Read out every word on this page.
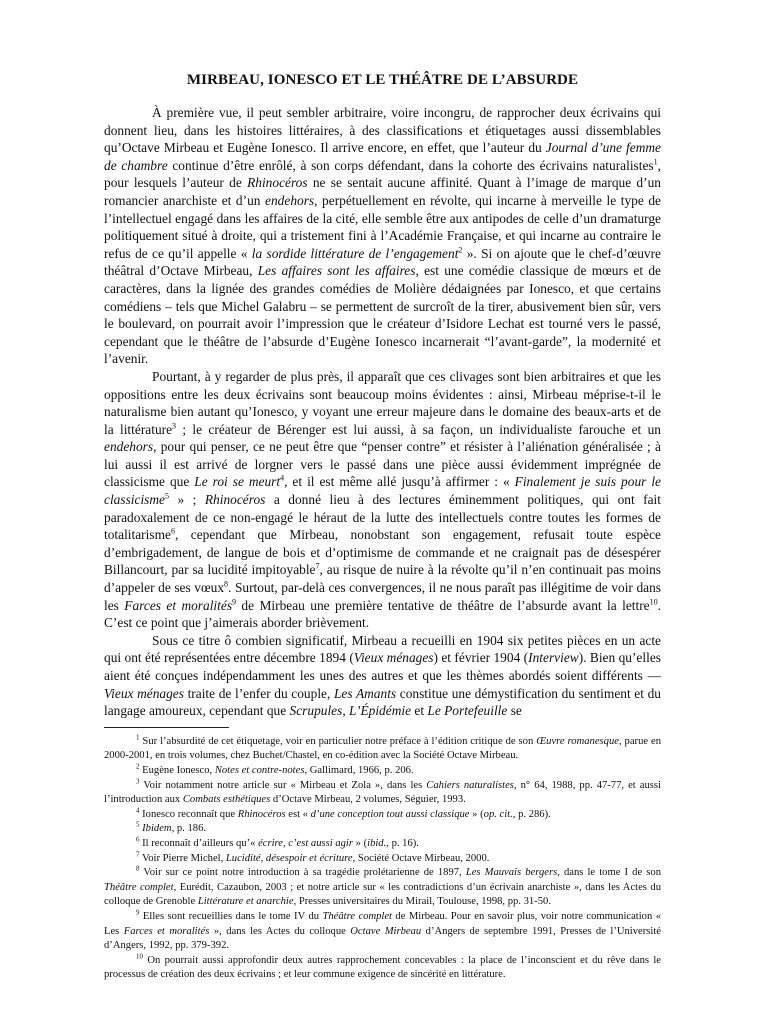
MIRBEAU, IONESCO ET LE THÉÂTRE DE L’ABSURDE

À première vue, il peut sembler arbitraire, voire incongru, de rapprocher deux écrivains qui donnent lieu, dans les histoires littéraires, à des classifications et étiquetages aussi dissemblables qu’Octave Mirbeau et Eugène Ionesco. Il arrive encore, en effet, que l’auteur du Journal d’une femme de chambre continue d’être enrôlé, à son corps défendant, dans la cohorte des écrivains naturalistes$^1$, pour lesquels l’auteur de Rhinocéros ne se sentait aucune affinité. Quant à l’image de marque d’un romancier anarchiste et d’un endehors, perpétuellement en révolte, qui incarne à merveille le type de l’intellectuel engagé dans les affaires de la cité, elle semble être aux antipodes de celle d’un dramaturge politiquement situé à droite, qui a tristement fini à l’Académie Française, et qui incarne au contraire le refus de ce qu’il appelle « la sordide littérature de l’engagement$^2$ ». Si on ajoute que le chef-d’œuvre théâtral d’Octave Mirbeau, Les affaires sont les affaires, est une comédie classique de mœurs et de caractères, dans la lignée des grandes comédies de Molière dédaignées par Ionesco, et que certains comédiens – tels que Michel Galabru – se permettent de surcroît de la tirer, abusivement bien sûr, vers le boulevard, on pourrait avoir l’impression que le créateur d’Isidore Lechat est tourné vers le passé, cependant que le théâtre de l’absurde d’Eugène Ionesco incarnerait “l’avant-garde”, la modernité et l’avenir.

Pourtant, à y regarder de plus près, il apparaît que ces clivages sont bien arbitraires et que les oppositions entre les deux écrivains sont beaucoup moins évidentes : ainsi, Mirbeau méprise-t-il le naturalisme bien autant qu’Ionesco, y voyant une erreur majeure dans le domaine des beaux-arts et de la littérature$^3$ ; le créateur de Bérenger est lui aussi, à sa façon, un individualiste farouche et un endehors, pour qui penser, ce ne peut être que “penser contre” et résister à l’aliénation généralisée ; à lui aussi il est arrivé de lorgner vers le passé dans une pièce aussi évidemment imprégnée de classicisme que Le roi se meurt$^4$, et il est même allé jusqu’à affirmer : « Finalement je suis pour le classicisme$^5$ » ; Rhinocéros a donné lieu à des lectures éminemment politiques, qui ont fait paradoxalement de ce non-engagé le héraut de la lutte des intellectuels contre toutes les formes de totalitarisme$^6$, cependant que Mirbeau, nonobstant son engagement, refusait toute espèce d’embrigadement, de langue de bois et d’optimisme de commande et ne craignait pas de désespérer Billancourt, par sa lucidité impitoyable$^7$, au risque de nuire à la révolte qu’il n’en continuait pas moins d’appeler de ses vœux$^8$. Surtout, par-delà ces convergences, il ne nous paraît pas illégitime de voir dans les Farces et moralités$^9$ de Mirbeau une première tentative de théâtre de l’absurde avant la lettre$^{10}$. C’est ce point que j’aimerais aborder brièvement.

Sous ce titre ô combien significatif, Mirbeau a recueilli en 1904 six petites pièces en un acte qui ont été représentées entre décembre 1894 (Vieux ménages) et février 1904 (Interview). Bien qu’elles aient été conçues indépendamment les unes des autres et que les thèmes abordés soient différents — Vieux ménages traite de l’enfer du couple, Les Amants constitue une démystification du sentiment et du langage amoureux, cependant que Scrupules, L’Épidémie et Le Portefeuille se

$^1$ Sur l’absurdité de cet étiquetage, voir en particulier notre préface à l’édition critique de son Œuvre romanesque, parue en 2000-2001, en trois volumes, chez Buchet/Chastel, en co-édition avec la Société Octave Mirbeau.

$^2$ Eugène Ionesco, Notes et contre-notes, Gallimard, 1966, p. 206.

$^3$ Voir notamment notre article sur « Mirbeau et Zola », dans les Cahiers naturalistes, n° 64, 1988, pp. 47-77, et aussi l’introduction aux Combats esthétiques d’Octave Mirbeau, 2 volumes, Séguier, 1993.

$^4$ Ionesco reconnaît que Rhinocéros est « d’une conception tout aussi classique » (op. cit., p. 286).

$^5$ Ibidem, p. 186.

$^6$ Il reconnaît d’ailleurs qu’« écrire, c’est aussi agir » (ibid., p. 16).

$^7$ Voir Pierre Michel, Lucidité, désespoir et écriture, Société Octave Mirbeau, 2000.

$^8$ Voir sur ce point notre introduction à sa tragédie prolétarienne de 1897, Les Mauvais bergers, dans le tome I de son Théâtre complet, Eurédit, Cazaubon, 2003 ; et notre article sur « les contradictions d’un écrivain anarchiste », dans les Actes du colloque de Grenoble Littérature et anarchie, Presses universitaires du Mirail, Toulouse, 1998, pp. 31-50.

$^9$ Elles sont recueillies dans le tome IV du Théâtre complet de Mirbeau. Pour en savoir plus, voir notre communication « Les Farces et moralités », dans les Actes du colloque Octave Mirbeau d’Angers de septembre 1991, Presses de l’Université d’Angers, 1992, pp. 379-392.

$^{10}$ On pourrait aussi approfondir deux autres rapprochement concevables : la place de l’inconscient et du rêve dans le processus de création des deux écrivains ; et leur commune exigence de sincérité en littérature.
